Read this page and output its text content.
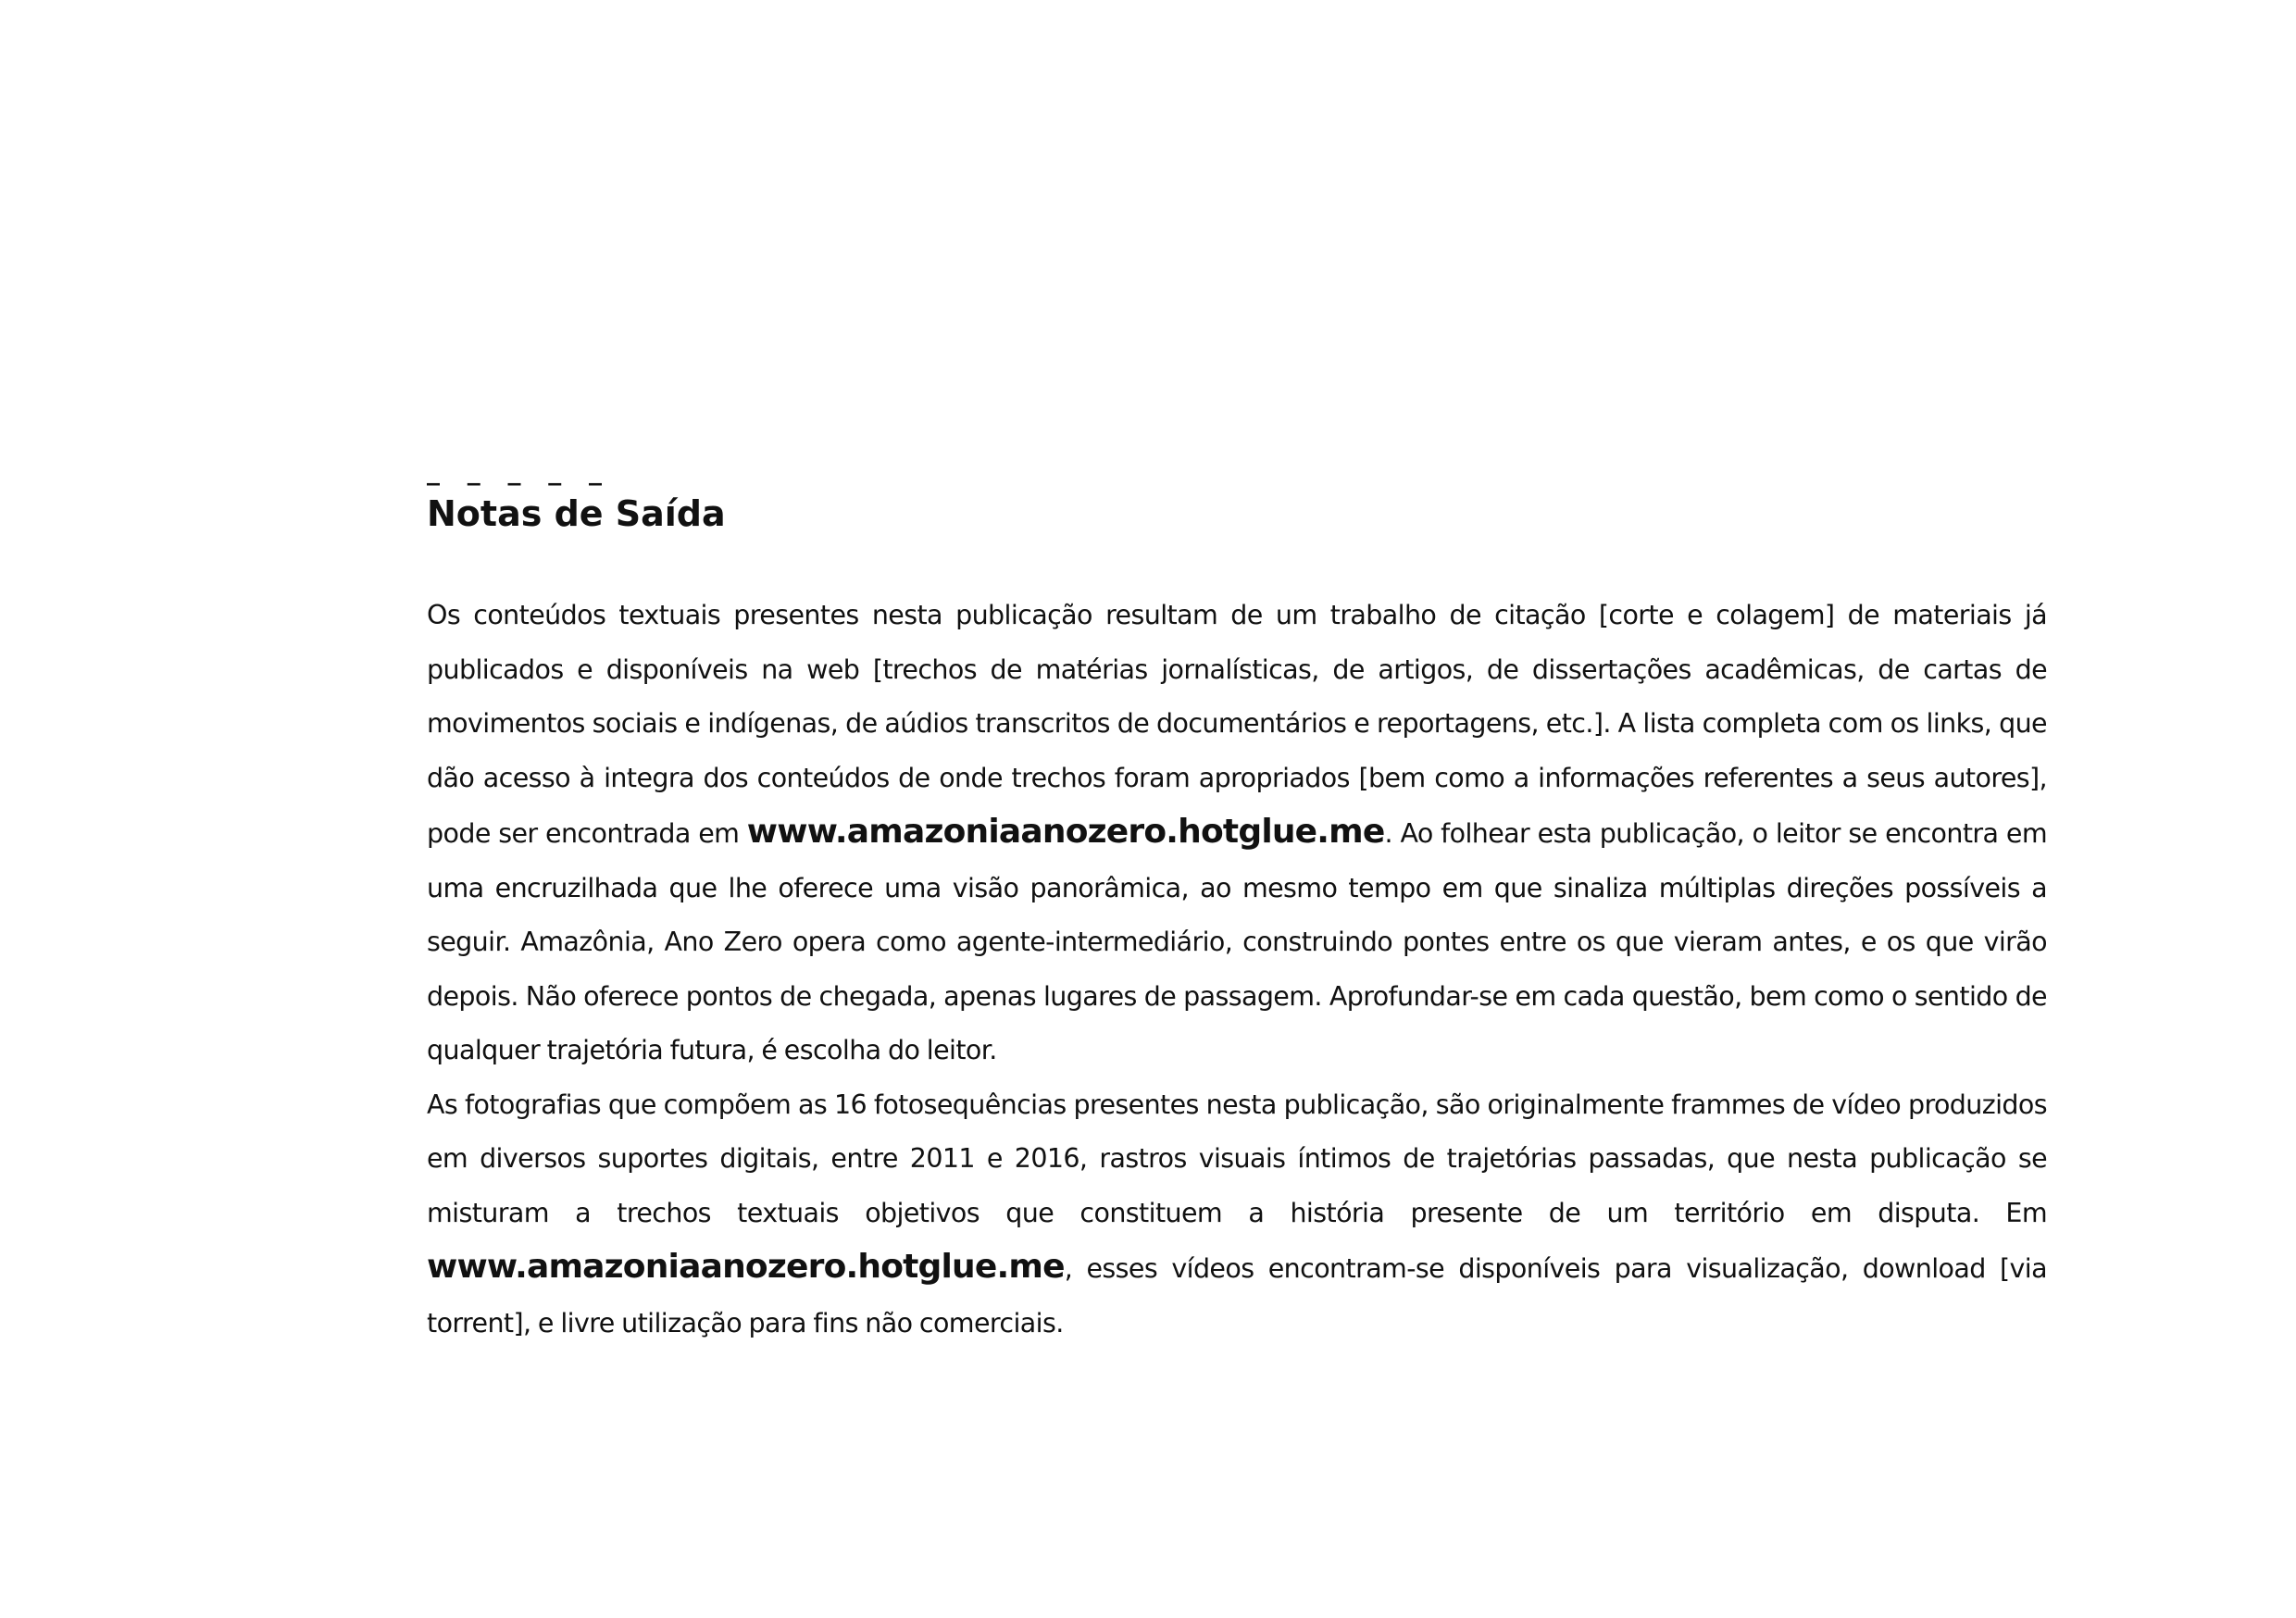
_ _ _ _ _
Notas de Saída

Os conteúdos textuais presentes nesta publicação resultam de um trabalho de citação [corte e colagem] de materiais já publicados e disponíveis na web [trechos de matérias jornalísticas, de artigos, de dissertações acadêmicas, de cartas de movimentos sociais e indígenas, de aúdios transcritos de documentários e reportagens, etc.]. A lista completa com os links, que dão acesso à integra dos conteúdos de onde trechos foram apropriados [bem como a informações referentes a seus autores], pode ser encontrada em www.amazoniaanozero.hotglue.me. Ao folhear esta publicação, o leitor se encontra em uma encruzilhada que lhe oferece uma visão panorâmica, ao mesmo tempo em que sinaliza múltiplas direções possíveis a seguir. Amazônia, Ano Zero opera como agente-intermediário, construindo pontes entre os que vieram antes, e os que virão depois. Não oferece pontos de chegada, apenas lugares de passagem. Aprofundar-se em cada questão, bem como o sentido de qualquer trajetória futura, é escolha do leitor.

As fotografias que compõem as 16 fotosequências presentes nesta publicação, são originalmente frammes de vídeo produzidos em diversos suportes digitais, entre 2011 e 2016, rastros visuais íntimos de trajetórias passadas, que nesta publicação se misturam a trechos textuais objetivos que constituem a história presente de um território em disputa. Em www.amazoniaanozero.hotglue.me, esses vídeos encontram-se disponíveis para visualização, download [via torrent], e livre utilização para fins não comerciais.
